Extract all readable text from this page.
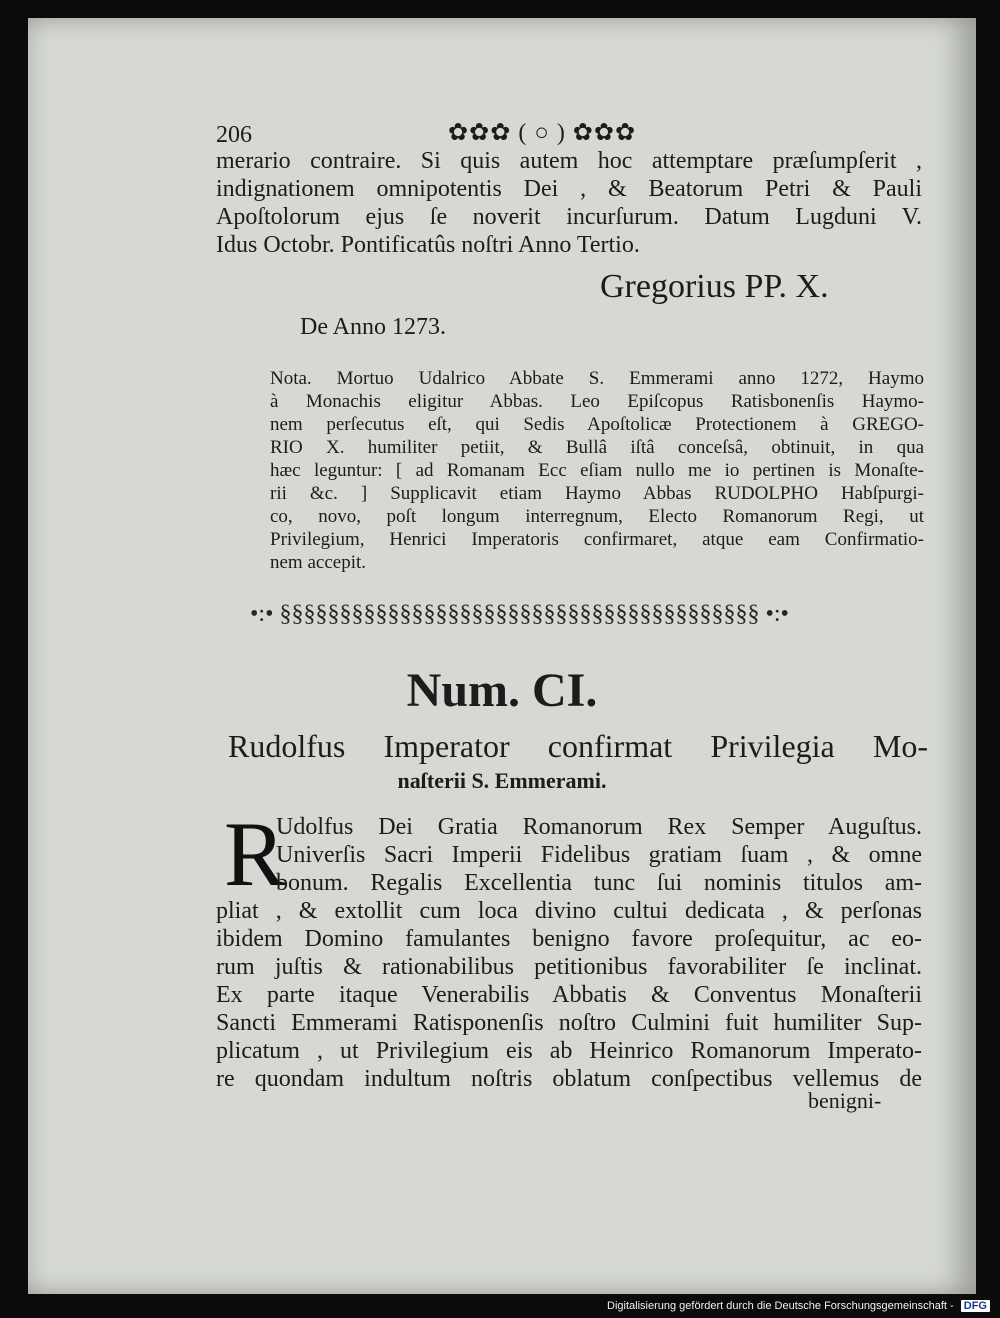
206	✿✿✿ ( ○ ) ✿✿✿
merario contraire. Si quis autem hoc attemptare præſumpſerit ,
indignationem omnipotentis Dei , & Beatorum Petri & Pauli
Apoſtolorum ejus ſe noverit incurſurum. Datum Lugduni V.
Idus Octobr. Pontificatûs noſtri Anno Tertio.
Gregorius PP. X.
De Anno 1273.
Nota. Mortuo Udalrico Abbate S. Emmerami anno 1272, Haymo
à Monachis eligitur Abbas. Leo Epiſcopus Ratisbonenſis Haymo-
nem perſecutus eſt, qui Sedis Apoſtolicæ Protectionem à GREGO-
RIO X. humiliter petiit, & Bullâ iſtâ conceſsâ, obtinuit, in qua
hæc leguntur: [ ad Romanam Ecc eſiam nullo me io pertinen is Monaſte-
rii &c. ] Supplicavit etiam Haymo Abbas RUDOLPHO Habſpurgi-
co, novo, poſt longum interregnum, Electo Romanorum Regi, ut
Privilegium, Henrici Imperatoris confirmaret, atque eam Confirmatio-
nem accepit.
•:• §§§§§§§§§§§§§§§§§§§§§§§§§§§§§§§§§§§§§§§§ •:•
Num. CI.
Rudolfus Imperator confirmat Privilegia Mo-
naſterii S. Emmerami.
R
Udolfus Dei Gratia Romanorum Rex Semper Auguſtus.
Univerſis Sacri Imperii Fidelibus gratiam ſuam , & omne
bonum. Regalis Excellentia tunc ſui nominis titulos am-
pliat , & extollit cum loca divino cultui dedicata , & perſonas
ibidem Domino famulantes benigno favore proſequitur, ac eo-
rum juſtis & rationabilibus petitionibus favorabiliter ſe inclinat.
Ex parte itaque Venerabilis Abbatis & Conventus Monaſterii
Sancti Emmerami Ratisponenſis noſtro Culmini fuit humiliter Sup-
plicatum , ut Privilegium eis ab Heinrico Romanorum Imperato-
re quondam indultum noſtris oblatum conſpectibus vellemus de
benigni-
Digitalisierung gefördert durch die Deutsche Forschungsgemeinschaft - DFG
